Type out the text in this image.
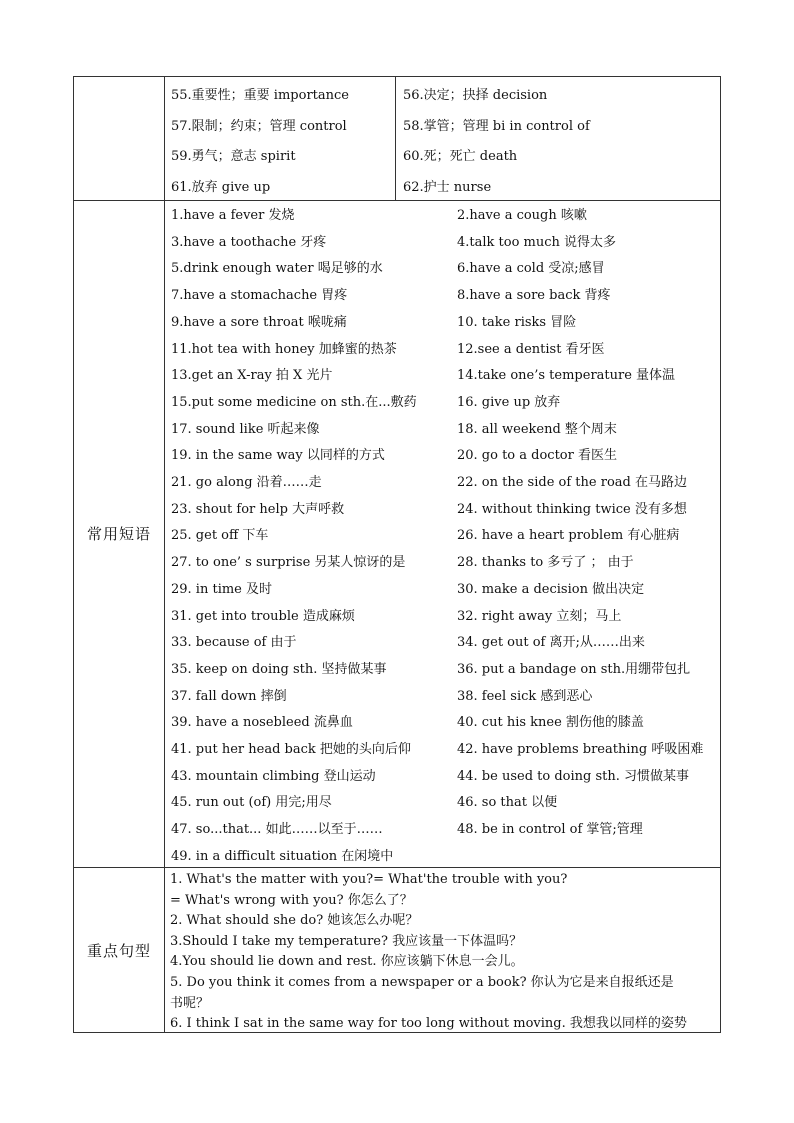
55.重要性；重要 importance
57.限制；约束；管理 control
59.勇气；意志 spirit
61.放弃 give up
56.决定；抉择 decision
58.掌管；管理 bi in control of
60.死；死亡 death
62.护士 nurse
常用短语
1.have a fever 发烧
3.have a toothache 牙疼
5.drink enough water 喝足够的水
7.have a stomachache 胃疼
9.have a sore throat 喉咙痛
11.hot tea with honey 加蜂蜜的热茶
13.get an X-ray 拍 X 光片
15.put some medicine on sth.在...敷药
17. sound like 听起来像
19. in the same way 以同样的方式
21. go along 沿着……走
23. shout for help 大声呼救
25. get off 下车
27. to one’ s surprise 另某人惊讶的是
29. in time 及时
31. get into trouble 造成麻烦
33. because of 由于
35. keep on doing sth. 坚持做某事
37. fall down 摔倒
39. have a nosebleed 流鼻血
41. put her head back 把她的头向后仰
43. mountain climbing 登山运动
45. run out (of) 用完;用尽
47. so...that... 如此……以至于……
49. in a difficult situation 在闲境中
2.have a cough 咳嗽
4.talk too much 说得太多
6.have a cold 受凉;感冒
8.have a sore back 背疼
10. take risks 冒险
12.see a dentist 看牙医
14.take one’s temperature 量体温
16. give up 放弃
18. all weekend 整个周末
20. go to a doctor 看医生
22. on the side of the road 在马路边
24. without thinking twice 没有多想
26. have a heart problem 有心脏病
28. thanks to 多亏了 ； 由于
30. make a decision 做出决定
32. right away 立刻；马上
34. get out of 离开;从……出来
36. put a bandage on sth.用绷带包扎
38. feel sick 感到恶心
40. cut his knee 割伤他的膝盖
42. have problems breathing 呼吸困难
44. be used to doing sth. 习惯做某事
46. so that 以便
48. be in control of 掌管;管理
重点句型
1. What's the matter with you?= What'the trouble with you?
= What's wrong with you? 你怎么了？
2. What should she do? 她该怎么办呢？
3.Should I take my temperature? 我应该量一下体温吗？
4.You should lie down and rest. 你应该躺下休息一会儿。
5. Do you think it comes from a newspaper or a book? 你认为它是来自报纸还是
书呢？
6. I think I sat in the same way for too long without moving. 我想我以同样的姿势
